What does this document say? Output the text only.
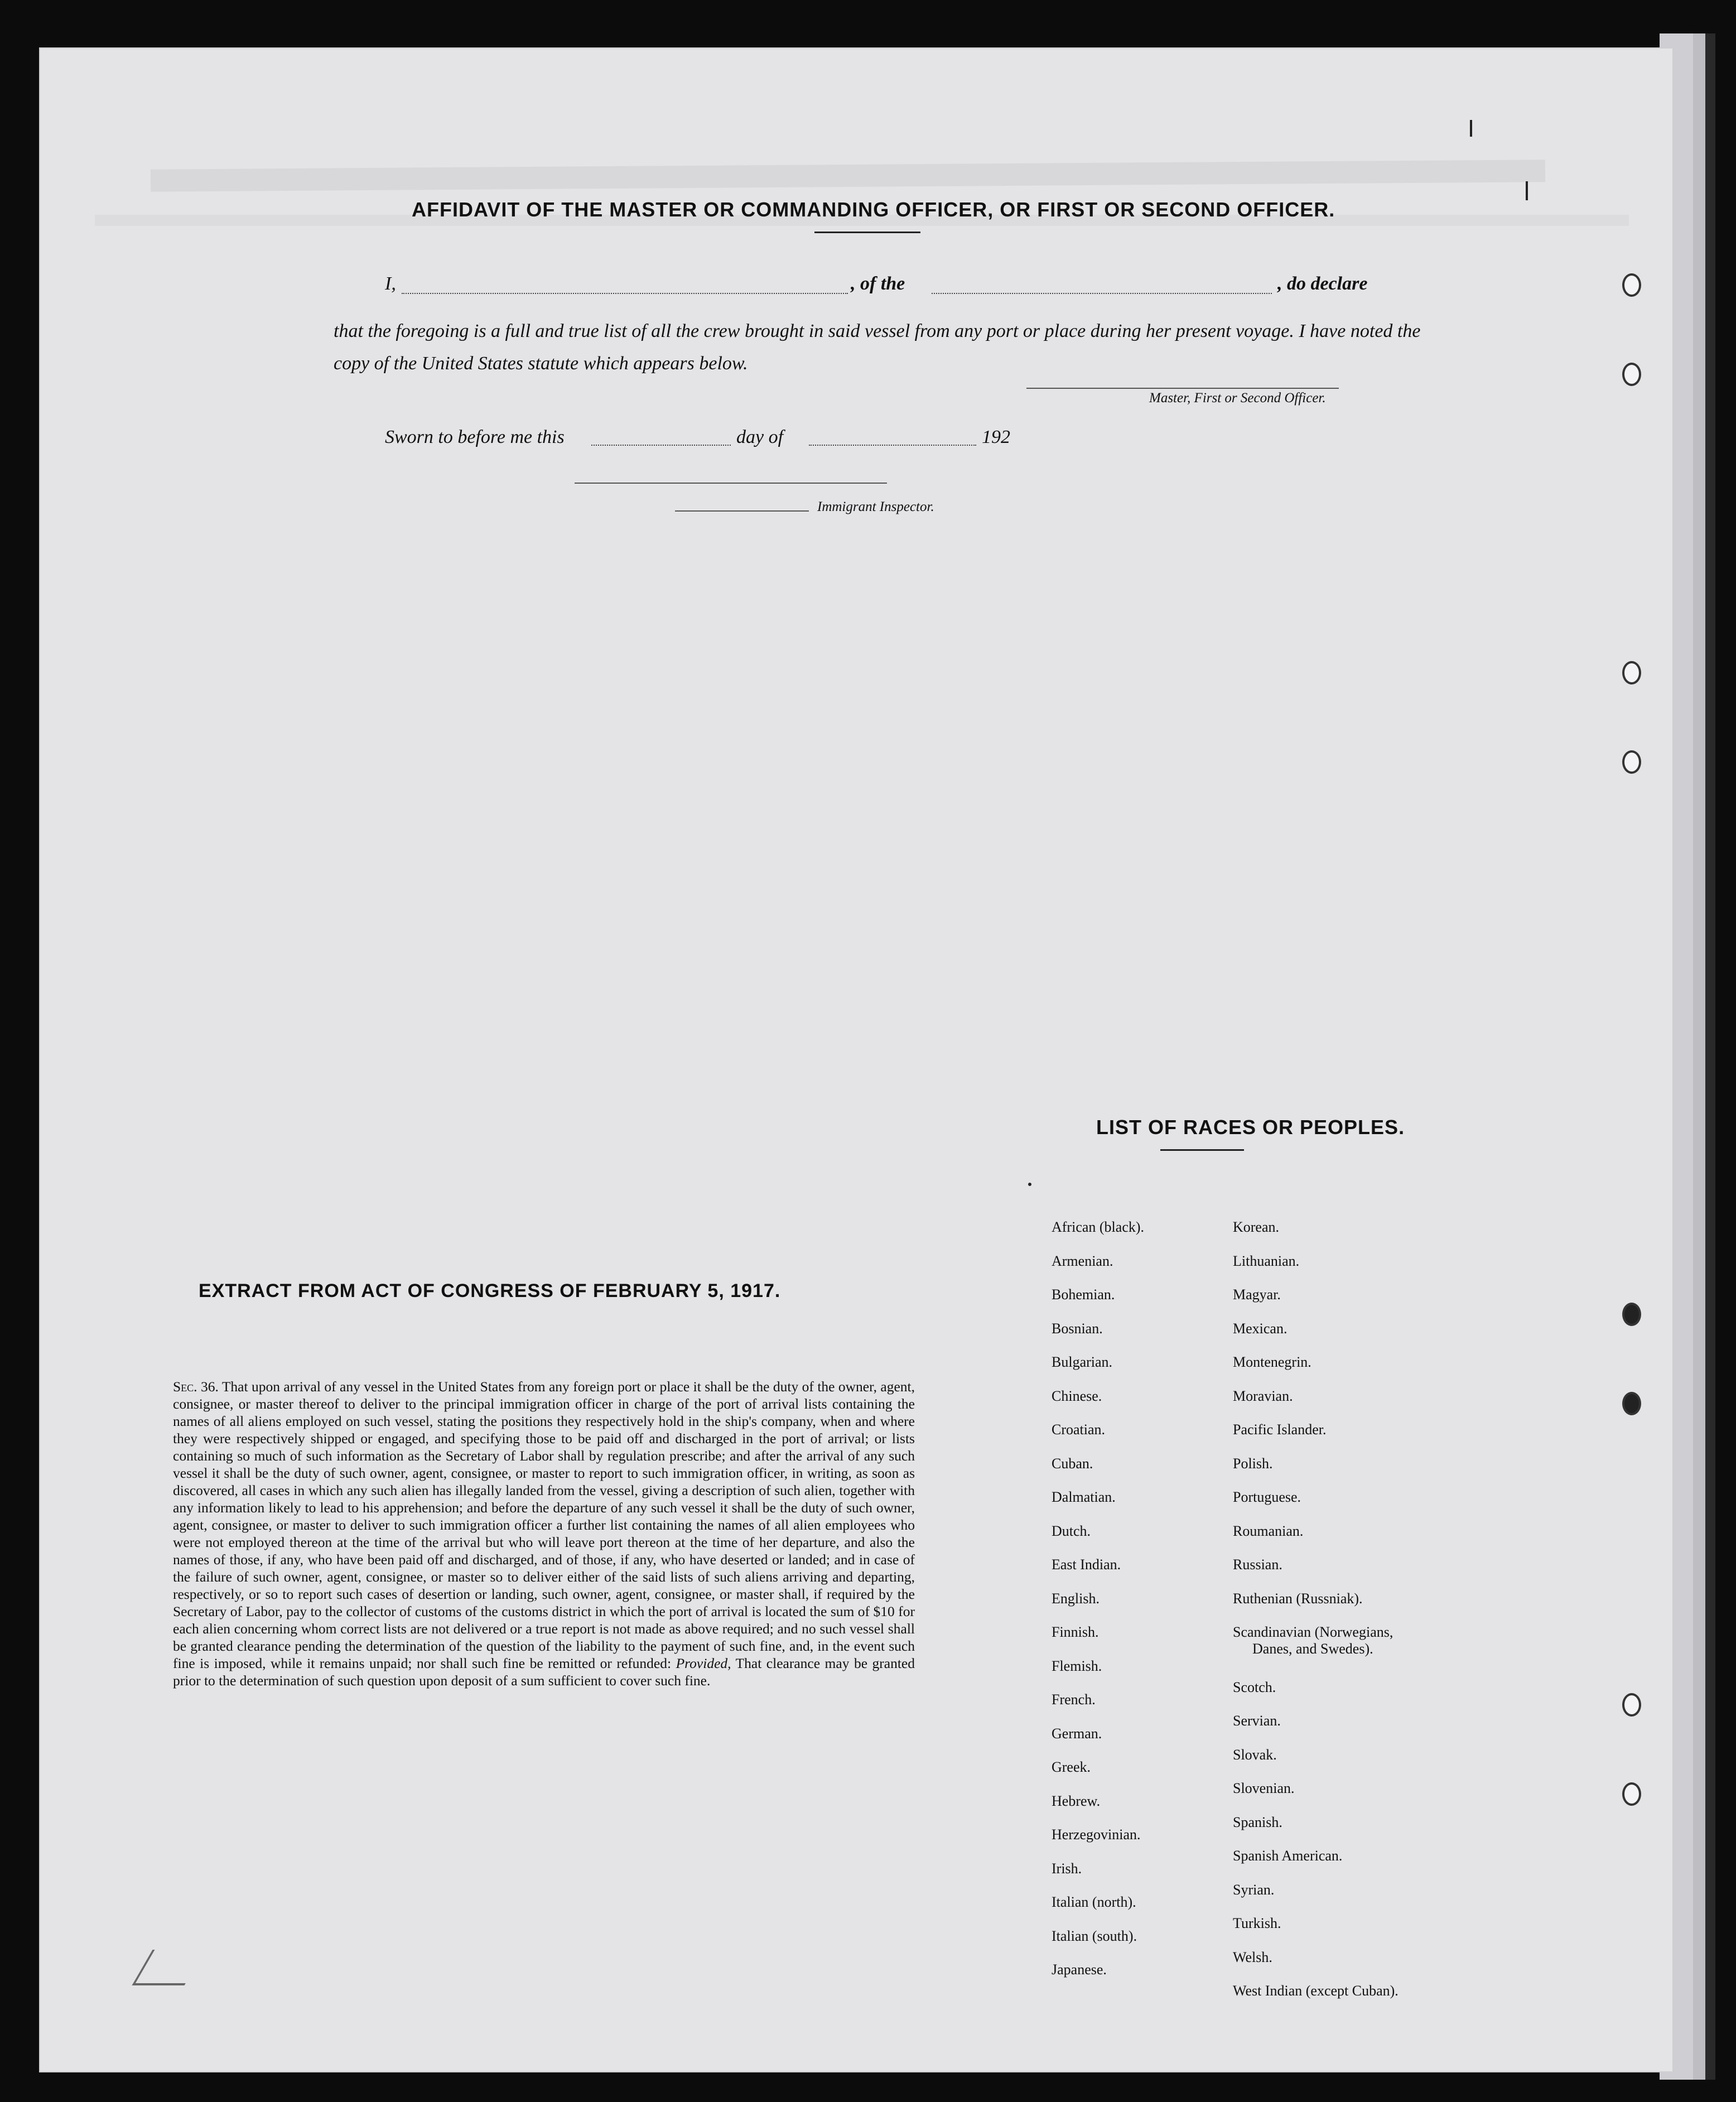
AFFIDAVIT OF THE MASTER OR COMMANDING OFFICER, OR FIRST OR SECOND OFFICER.
I,	, of the	, do declare
that the foregoing is a full and true list of all the crew brought in said vessel from any port or place during her present voyage. I have noted the copy of the United States statute which appears below.
Master, First or Second Officer.
Sworn to before me this	day of	192
Immigrant Inspector.
EXTRACT FROM ACT OF CONGRESS OF FEBRUARY 5, 1917.
Sec. 36. That upon arrival of any vessel in the United States from any foreign port or place it shall be the duty of the owner, agent, consignee, or master thereof to deliver to the principal immigration officer in charge of the port of arrival lists containing the names of all aliens employed on such vessel, stating the positions they respectively hold in the ship's company, when and where they were respectively shipped or engaged, and specifying those to be paid off and discharged in the port of arrival; or lists containing so much of such information as the Secretary of Labor shall by regulation prescribe; and after the arrival of any such vessel it shall be the duty of such owner, agent, consignee, or master to report to such immigration officer, in writing, as soon as discovered, all cases in which any such alien has illegally landed from the vessel, giving a description of such alien, together with any information likely to lead to his apprehension; and before the departure of any such vessel it shall be the duty of such owner, agent, consignee, or master to deliver to such immigration officer a further list containing the names of all alien employees who were not employed thereon at the time of the arrival but who will leave port thereon at the time of her departure, and also the names of those, if any, who have been paid off and discharged, and of those, if any, who have deserted or landed; and in case of the failure of such owner, agent, consignee, or master so to deliver either of the said lists of such aliens arriving and departing, respectively, or so to report such cases of desertion or landing, such owner, agent, consignee, or master shall, if required by the Secretary of Labor, pay to the collector of customs of the customs district in which the port of arrival is located the sum of $10 for each alien concerning whom correct lists are not delivered or a true report is not made as above required; and no such vessel shall be granted clearance pending the determination of the question of the liability to the payment of such fine, and, in the event such fine is imposed, while it remains unpaid; nor shall such fine be remitted or refunded: Provided, That clearance may be granted prior to the determination of such question upon deposit of a sum sufficient to cover such fine.
LIST OF RACES OR PEOPLES.
African (black).
Armenian.
Bohemian.
Bosnian.
Bulgarian.
Chinese.
Croatian.
Cuban.
Dalmatian.
Dutch.
East Indian.
English.
Finnish.
Flemish.
French.
German.
Greek.
Hebrew.
Herzegovinian.
Irish.
Italian (north).
Italian (south).
Japanese.
Korean.
Lithuanian.
Magyar.
Mexican.
Montenegrin.
Moravian.
Pacific Islander.
Polish.
Portuguese.
Roumanian.
Russian.
Ruthenian (Russniak).
Scandinavian (Norwegians,
Danes, and Swedes).
Scotch.
Servian.
Slovak.
Slovenian.
Spanish.
Spanish American.
Syrian.
Turkish.
Welsh.
West Indian (except Cuban).
